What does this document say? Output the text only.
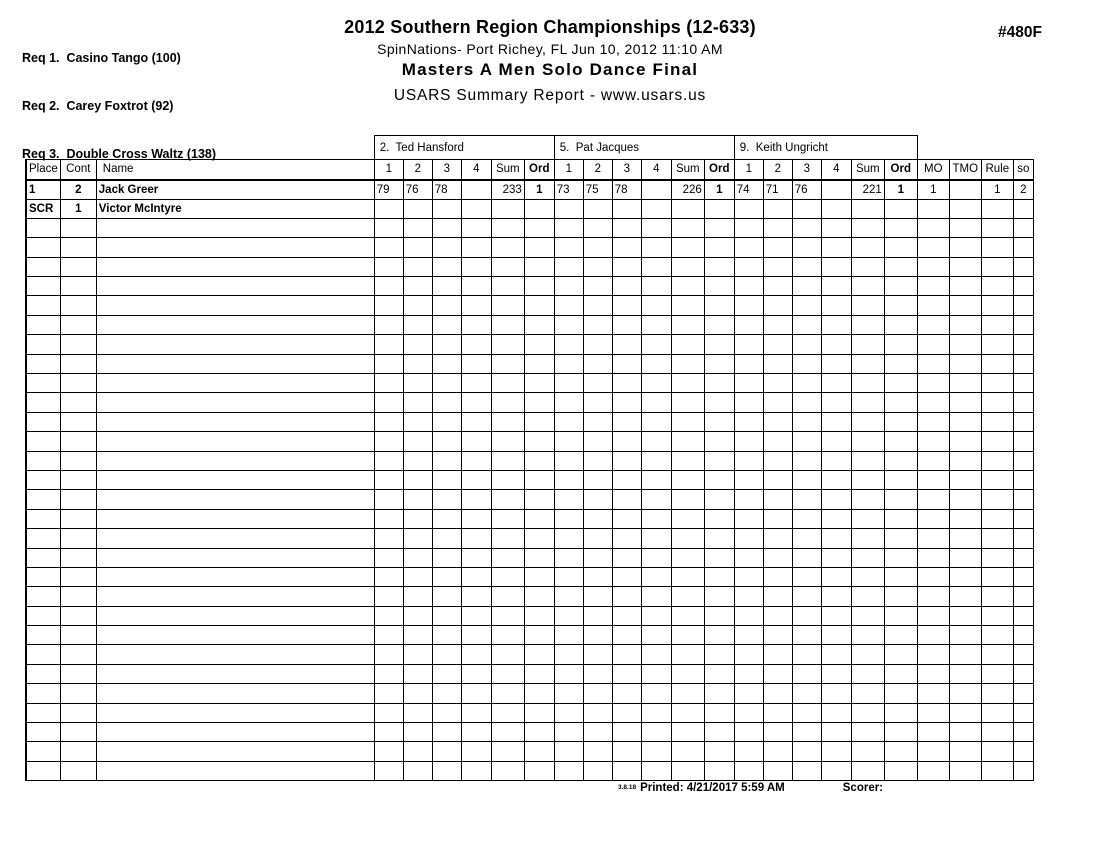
Req 1.  Casino Tango (100)

Req 2.  Carey Foxtrot (92)

Req 3.  Double Cross Waltz (138)

2012 Southern Region Championships (12-633)
SpinNations- Port Richey, FL Jun 10, 2012 11:10 AM
Masters A Men Solo Dance Final
USARS Summary Report - www.usars.us
#480F
			2.  Ted Hansford						5.  Pat Jacques						9.  Keith Ungricht									
Place	Cont	Name	1	2	3	4	Sum	Ord	1	2	3	4	Sum	Ord	1	2	3	4	Sum	Ord	MO	TMO	Rule	so
1	2	Jack Greer	79	76	78		233	1	73	75	78		226	1	74	71	76		221	1	1		1	2
SCR	1	Victor McIntyre																						

3.8.18 Printed: 4/21/2017 5:59 AM	Scorer:
